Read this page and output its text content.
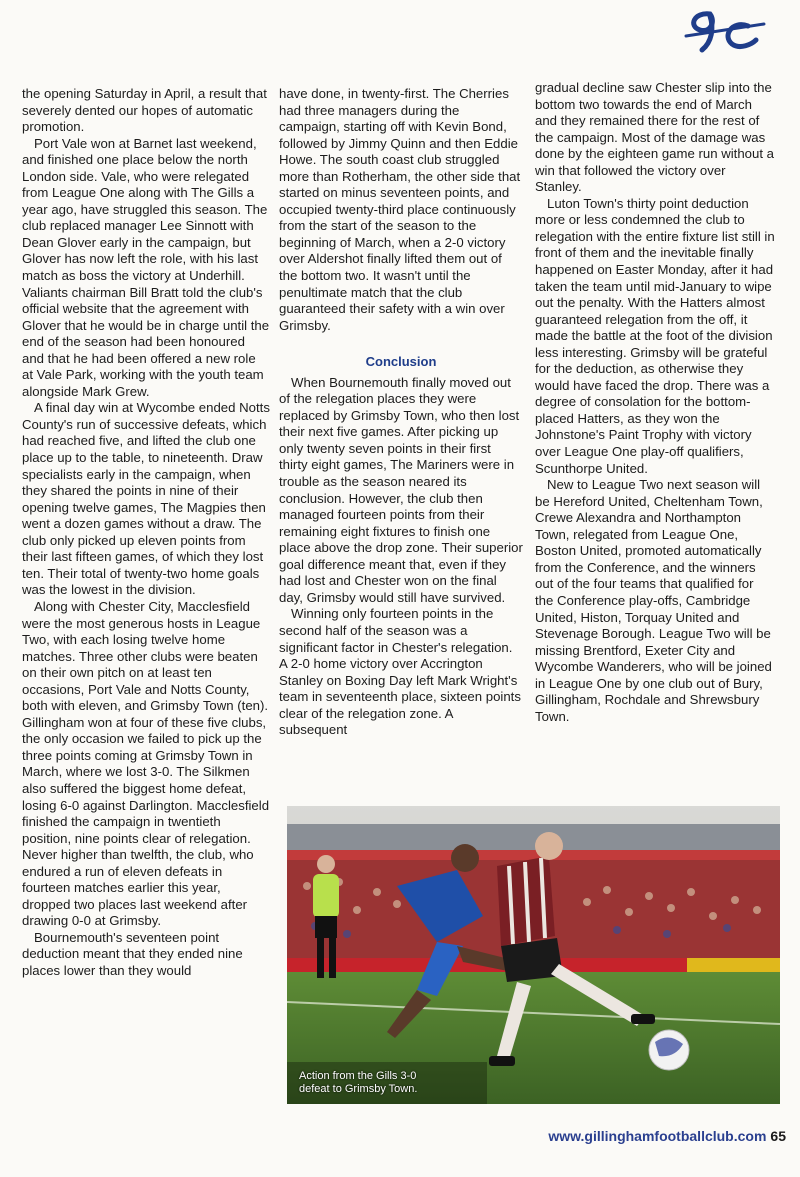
the opening Saturday in April, a result that severely dented our hopes of automatic promotion.

Port Vale won at Barnet last weekend, and finished one place below the north London side. Vale, who were relegated from League One along with The Gills a year ago, have struggled this season. The club replaced manager Lee Sinnott with Dean Glover early in the campaign, but Glover has now left the role, with his last match as boss the victory at Underhill. Valiants chairman Bill Bratt told the club's official website that the agreement with Glover that he would be in charge until the end of the season had been honoured and that he had been offered a new role at Vale Park, working with the youth team alongside Mark Grew.

A final day win at Wycombe ended Notts County's run of successive defeats, which had reached five, and lifted the club one place up to the table, to nineteenth. Draw specialists early in the campaign, when they shared the points in nine of their opening twelve games, The Magpies then went a dozen games without a draw. The club only picked up eleven points from their last fifteen games, of which they lost ten. Their total of twenty-two home goals was the lowest in the division.

Along with Chester City, Macclesfield were the most generous hosts in League Two, with each losing twelve home matches. Three other clubs were beaten on their own pitch on at least ten occasions, Port Vale and Notts County, both with eleven, and Grimsby Town (ten). Gillingham won at four of these five clubs, the only occasion we failed to pick up the three points coming at Grimsby Town in March, where we lost 3-0. The Silkmen also suffered the biggest home defeat, losing 6-0 against Darlington. Macclesfield finished the campaign in twentieth position, nine points clear of relegation. Never higher than twelfth, the club, who endured a run of eleven defeats in fourteen matches earlier this year, dropped two places last weekend after drawing 0-0 at Grimsby.

Bournemouth's seventeen point deduction meant that they ended nine places lower than they would

have done, in twenty-first. The Cherries had three managers during the campaign, starting off with Kevin Bond, followed by Jimmy Quinn and then Eddie Howe. The south coast club struggled more than Rotherham, the other side that started on minus seventeen points, and occupied twenty-third place continuously from the start of the season to the beginning of March, when a 2-0 victory over Aldershot finally lifted them out of the bottom two. It wasn't until the penultimate match that the club guaranteed their safety with a win over Grimsby.

Conclusion

When Bournemouth finally moved out of the relegation places they were replaced by Grimsby Town, who then lost their next five games. After picking up only twenty seven points in their first thirty eight games, The Mariners were in trouble as the season neared its conclusion. However, the club then managed fourteen points from their remaining eight fixtures to finish one place above the drop zone. Their superior goal difference meant that, even if they had lost and Chester won on the final day, Grimsby would still have survived.

Winning only fourteen points in the second half of the season was a significant factor in Chester's relegation. A 2-0 home victory over Accrington Stanley on Boxing Day left Mark Wright's team in seventeenth place, sixteen points clear of the relegation zone. A subsequent

gradual decline saw Chester slip into the bottom two towards the end of March and they remained there for the rest of the campaign. Most of the damage was done by the eighteen game run without a win that followed the victory over Stanley.

Luton Town's thirty point deduction more or less condemned the club to relegation with the entire fixture list still in front of them and the inevitable finally happened on Easter Monday, after it had taken the team until mid-January to wipe out the penalty. With the Hatters almost guaranteed relegation from the off, it made the battle at the foot of the division less interesting. Grimsby will be grateful for the deduction, as otherwise they would have faced the drop. There was a degree of consolation for the bottom-placed Hatters, as they won the Johnstone's Paint Trophy with victory over League One play-off qualifiers, Scunthorpe United.

New to League Two next season will be Hereford United, Cheltenham Town, Crewe Alexandra and Northampton Town, relegated from League One, Boston United, promoted automatically from the Conference, and the winners out of the four teams that qualified for the Conference play-offs, Cambridge United, Histon, Torquay United and Stevenage Borough. League Two will be missing Brentford, Exeter City and Wycombe Wanderers, who will be joined in League One by one club out of Bury, Gillingham, Rochdale and Shrewsbury Town.

Action from the Gills 3-0 defeat to Grimsby Town.
www.gillinghamfootballclub.com 65
